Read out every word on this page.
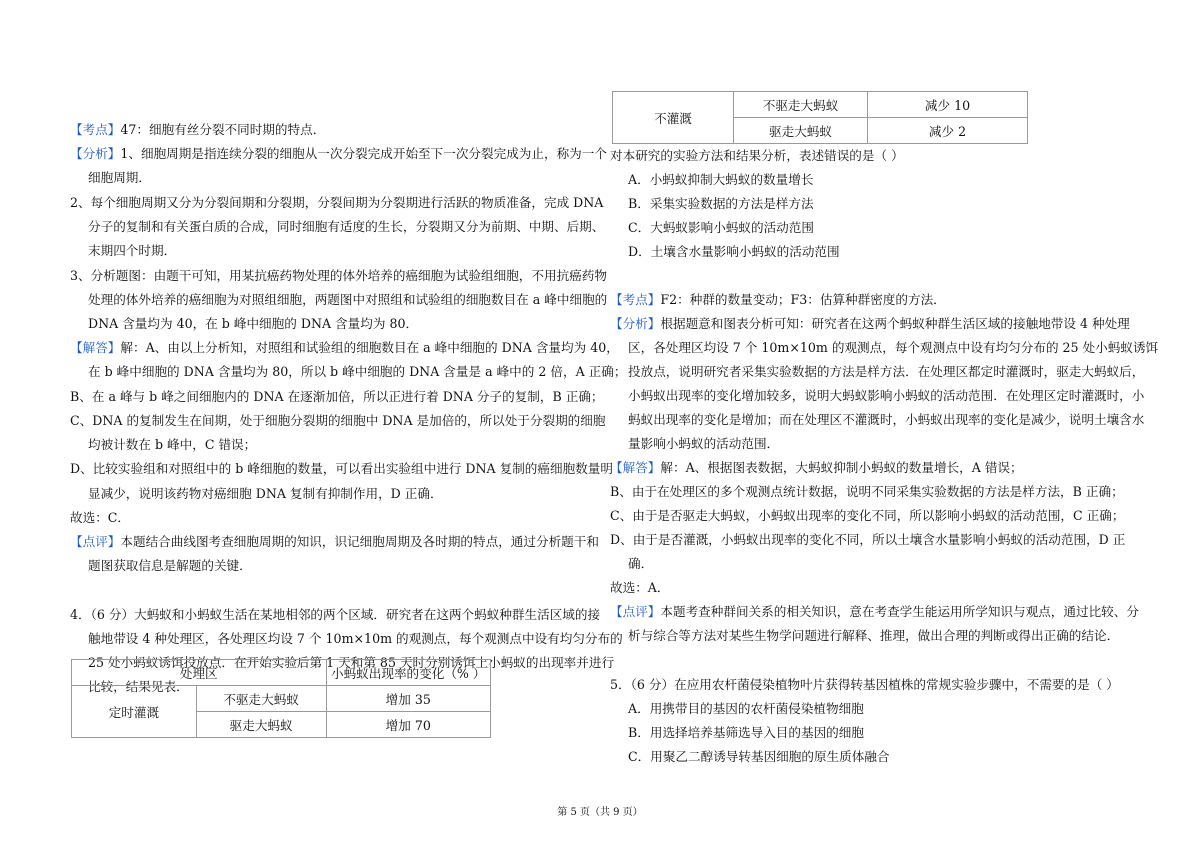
【考点】47：细胞有丝分裂不同时期的特点．
【分析】1、细胞周期是指连续分裂的细胞从一次分裂完成开始至下一次分裂完成为止，称为一个
细胞周期．
2、每个细胞周期又分为分裂间期和分裂期，分裂间期为分裂期进行活跃的物质准备，完成 DNA
分子的复制和有关蛋白质的合成，同时细胞有适度的生长，分裂期又分为前期、中期、后期、
末期四个时期．
3、分析题图：由题干可知，用某抗癌药物处理的体外培养的癌细胞为试验组细胞，不用抗癌药物
处理的体外培养的癌细胞为对照组细胞，两题图中对照组和试验组的细胞数目在 a 峰中细胞的
DNA 含量均为 40，在 b 峰中细胞的 DNA 含量均为 80．
【解答】解：A、由以上分析知，对照组和试验组的细胞数目在 a 峰中细胞的 DNA 含量均为 40，
在 b 峰中细胞的 DNA 含量均为 80，所以 b 峰中细胞的 DNA 含量是 a 峰中的 2 倍，A 正确；
B、在 a 峰与 b 峰之间细胞内的 DNA 在逐渐加倍，所以正进行着 DNA 分子的复制，B 正确；
C、DNA 的复制发生在间期，处于细胞分裂期的细胞中 DNA 是加倍的，所以处于分裂期的细胞
均被计数在 b 峰中，C 错误；
D、比较实验组和对照组中的 b 峰细胞的数量，可以看出实验组中进行 DNA 复制的癌细胞数量明
显减少，说明该药物对癌细胞 DNA 复制有抑制作用，D 正确．
故选：C．
【点评】本题结合曲线图考查细胞周期的知识，识记细胞周期及各时期的特点，通过分析题干和
题图获取信息是解题的关键．
4．（6 分）大蚂蚁和小蚂蚁生活在某地相邻的两个区域．研究者在这两个蚂蚁种群生活区域的接
触地带设 4 种处理区，各处理区均设 7 个 10m×10m 的观测点，每个观测点中设有均匀分布的
25 处小蚂蚁诱饵投放点．在开始实验后第 1 天和第 85 天时分别诱饵上小蚂蚁的出现率并进行
比较，结果见表．
处理区		小蚂蚁出现率的变化（% ）
定时灌溉	不驱走大蚂蚁	增加 35
	驱走大蚂蚁	增加 70
不灌溉	不驱走大蚂蚁	减少 10
	驱走大蚂蚁	减少 2
对本研究的实验方法和结果分析，表述错误的是（ ）
A．小蚂蚁抑制大蚂蚁的数量增长
B．采集实验数据的方法是样方法
C．大蚂蚁影响小蚂蚁的活动范围
D．土壤含水量影响小蚂蚁的活动范围
【考点】F2：种群的数量变动；F3：估算种群密度的方法．
【分析】根据题意和图表分析可知：研究者在这两个蚂蚁种群生活区域的接触地带设 4 种处理
区，各处理区均设 7 个 10m×10m 的观测点，每个观测点中设有均匀分布的 25 处小蚂蚁诱饵
投放点，说明研究者采集实验数据的方法是样方法．在处理区都定时灌溉时，驱走大蚂蚁后，
小蚂蚁出现率的变化增加较多，说明大蚂蚁影响小蚂蚁的活动范围．在处理区定时灌溉时，小
蚂蚁出现率的变化是增加；而在处理区不灌溉时，小蚂蚁出现率的变化是减少，说明土壤含水
量影响小蚂蚁的活动范围．
【解答】解：A、根据图表数据，大蚂蚁抑制小蚂蚁的数量增长，A 错误；
B、由于在处理区的多个观测点统计数据，说明不同采集实验数据的方法是样方法，B 正确；
C、由于是否驱走大蚂蚁，小蚂蚁出现率的变化不同，所以影响小蚂蚁的活动范围，C 正确；
D、由于是否灌溉，小蚂蚁出现率的变化不同，所以土壤含水量影响小蚂蚁的活动范围，D 正
确．
故选：A．
【点评】本题考查种群间关系的相关知识，意在考查学生能运用所学知识与观点，通过比较、分
析与综合等方法对某些生物学问题进行解释、推理，做出合理的判断或得出正确的结论．
5．（6 分）在应用农杆菌侵染植物叶片获得转基因植株的常规实验步骤中，不需要的是（ ）
A．用携带目的基因的农杆菌侵染植物细胞
B．用选择培养基筛选导入目的基因的细胞
C．用聚乙二醇诱导转基因细胞的原生质体融合
第 5 页（共 9 页）
